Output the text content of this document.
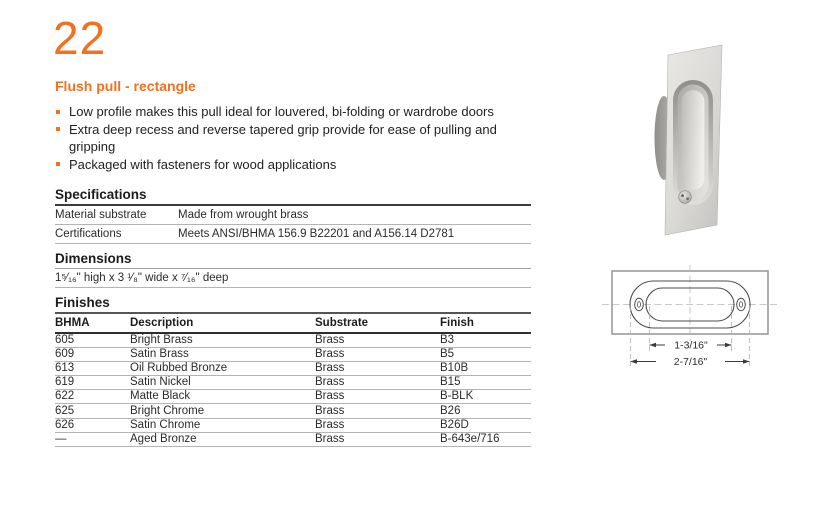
22
Flush pull - rectangle
Low profile makes this pull ideal for louvered, bi-folding or wardrobe doors
Extra deep recess and reverse tapered grip provide for ease of pulling and gripping
Packaged with fasteners for wood applications
Specifications
Material substrate	Made from wrought brass
Certifications	Meets ANSI/BHMA 156.9 B22201 and A156.14 D2781
Dimensions
1⁵⁄₁₆" high x 3 ¹⁄₈" wide x ⁷⁄₁₆" deep
Finishes
BHMA	Description	Substrate	Finish
605	Bright Brass	Brass	B3
609	Satin Brass	Brass	B5
613	Oil Rubbed Bronze	Brass	B10B
619	Satin Nickel	Brass	B15
622	Matte Black	Brass	B-BLK
625	Bright Chrome	Brass	B26
626	Satin Chrome	Brass	B26D
—	Aged Bronze	Brass	B-643e/716
1-3/16"
2-7/16"
